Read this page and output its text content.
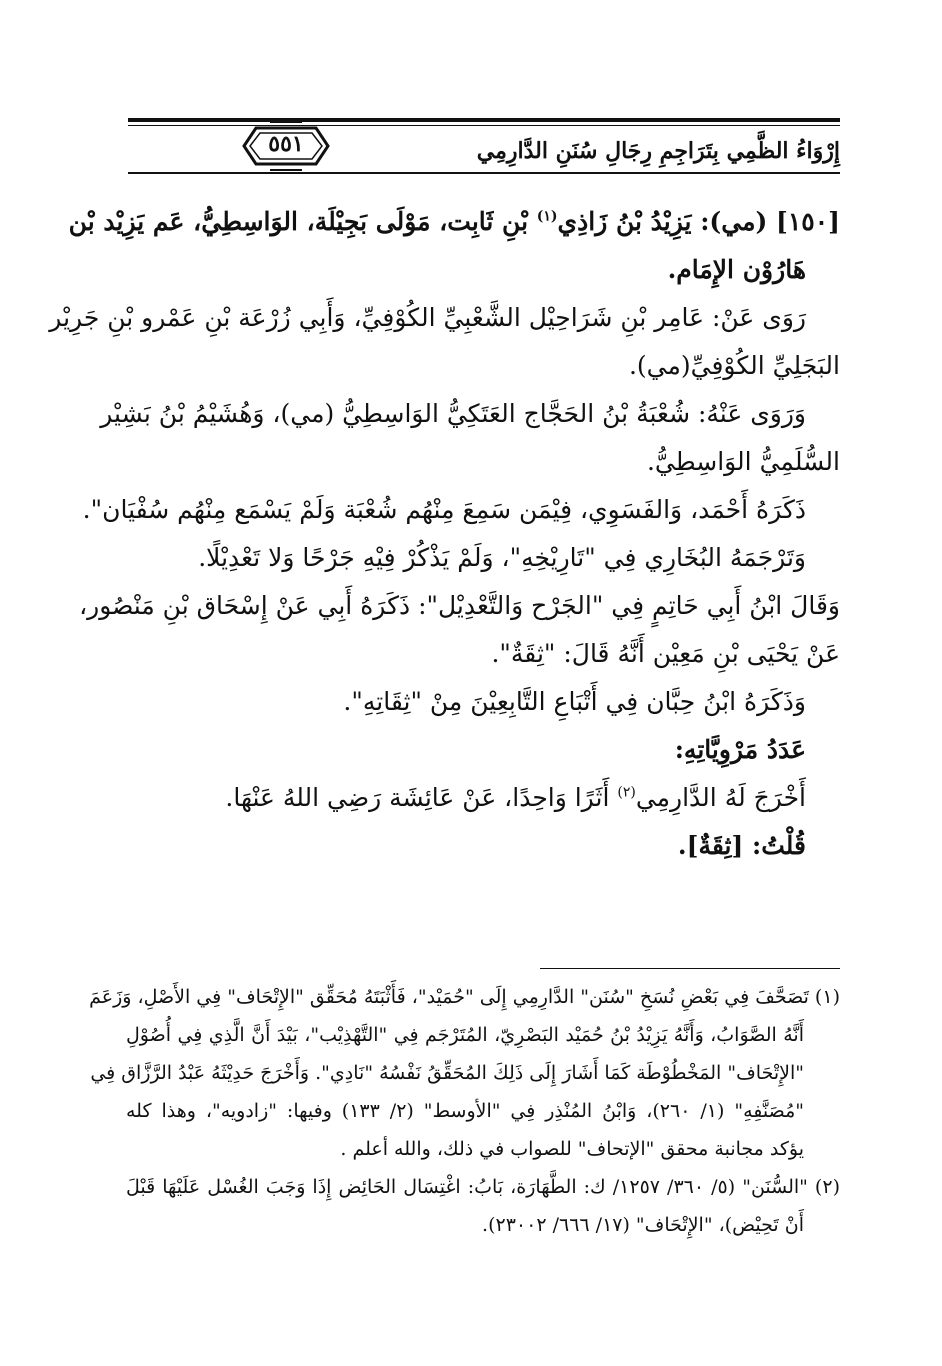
إِرْوَاءُ الظَّمِي بِتَرَاجِمِ رِجَالِ سُنَنِ الدَّارِمِي
٥٥١
[١٥٠] (مي): يَزِيْدُ بْنُ زَاذِي$^{(١)}$ بْنِ ثَابِت، مَوْلَى بَجِيْلَة، الوَاسِطِيُّ، عَم يَزِيْد بْن
هَارُوْن الإِمَام.
رَوَى عَنْ: عَامِر بْنِ شَرَاحِيْل الشَّعْبِيِّ الكُوْفِيِّ، وَأَبِي زُرْعَة بْنِ عَمْرو بْنِ جَرِيْر
البَجَلِيِّ الكُوْفِيِّ(مي).
وَرَوَى عَنْهُ: شُعْبَةُ بْنُ الحَجَّاج العَتَكِيُّ الوَاسِطِيُّ (مي)، وَهُشَيْمُ بْنُ بَشِيْر
السُّلَمِيُّ الوَاسِطِيُّ.
ذَكَرَهُ أَحْمَد، وَالفَسَوِي، فِيْمَن سَمِعَ مِنْهُم شُعْبَة وَلَمْ يَسْمَع مِنْهُم سُفْيَان".
وَتَرْجَمَهُ البُخَارِي فِي "تَارِيْخِهِ"، وَلَمْ يَذْكُرْ فِيْهِ جَرْحًا وَلا تَعْدِيْلًا.
وَقَالَ ابْنُ أَبِي حَاتِمٍ فِي "الجَرْح وَالتَّعْدِيْل": ذَكَرَهُ أَبِي عَنْ إِسْحَاق بْنِ مَنْصُور،
عَنْ يَحْيَى بْنِ مَعِيْن أَنَّهُ قَالَ: "ثِقَةٌ".
وَذَكَرَهُ ابْنُ حِبَّان فِي أَتْبَاعِ التَّابِعِيْنَ مِنْ "ثِقَاتِهِ".
عَدَدُ مَرْوِيَّاتِهِ:
أَخْرَجَ لَهُ الدَّارِمِي$^{(٢)}$ أَثَرًا وَاحِدًا، عَنْ عَائِشَة رَضِي اللهُ عَنْهَا.
قُلْتُ: [ثِقَةٌ].
(١) تَصَحَّفَ فِي بَعْضِ نُسَخِ "سُنَن" الدَّارِمِي إِلَى "حُمَيْد"، فَأَثْبَتَهُ مُحَقِّق "الإِتْحَاف" فِي الأَصْلِ، وَزَعَمَ
أَنَّهُ الصَّوَابُ، وَأَنَّهُ يَزِيْدُ بْنُ حُمَيْد البَصْرِيّ، المُتَرْجَم فِي "التَّهْذِيْب"، بَيْدَ أَنَّ الَّذِي فِي أُصُوْلِ
"الإِتْحَاف" المَخْطُوْطَة كَمَا أَشَارَ إِلَى ذَلِكَ المُحَقِّقُ نَفْسُهُ "نَادِي". وَأَخْرَجَ حَدِيْثَهُ عَبْدُ الرَّزَّاق فِي
"مُصَنَّفِهِ" (١/ ٢٦٠)، وَابْنُ المُنْذِر فِي "الأوسط" (٢/ ١٣٣) وفيها: "زادويه"، وهذا كله
يؤكد مجانبة محقق "الإتحاف" للصواب في ذلك، والله أعلم .
(٢) "السُّنَن" (٥/ ٣٦٠/ ١٢٥٧/ ك: الطَّهَارَة، بَابُ: اغْتِسَال الحَائِض إِذَا وَجَبَ الغُسْل عَلَيْهَا قَبْلَ
أَنْ تَحِيْض)، "الإِتْحَاف" (١٧/ ٦٦٦/ ٢٣٠٠٢).
